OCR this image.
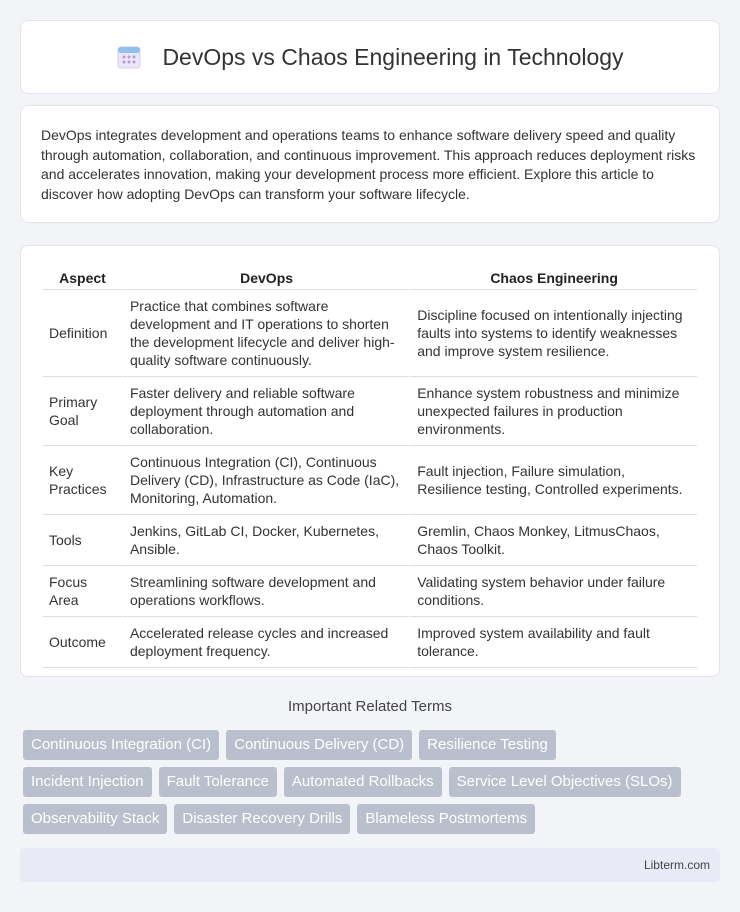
DevOps vs Chaos Engineering in Technology

DevOps integrates development and operations teams to enhance software delivery speed and quality through automation, collaboration, and continuous improvement. This approach reduces deployment risks and accelerates innovation, making your development process more efficient. Explore this article to discover how adopting DevOps can transform your software lifecycle.

Aspect	DevOps	Chaos Engineering
Definition	Practice that combines software development and IT operations to shorten the development lifecycle and deliver high-quality software continuously.	Discipline focused on intentionally injecting faults into systems to identify weaknesses and improve system resilience.
Primary Goal	Faster delivery and reliable software deployment through automation and collaboration.	Enhance system robustness and minimize unexpected failures in production environments.
Key Practices	Continuous Integration (CI), Continuous Delivery (CD), Infrastructure as Code (IaC), Monitoring, Automation.	Fault injection, Failure simulation, Resilience testing, Controlled experiments.
Tools	Jenkins, GitLab CI, Docker, Kubernetes, Ansible.	Gremlin, Chaos Monkey, LitmusChaos, Chaos Toolkit.
Focus Area	Streamlining software development and operations workflows.	Validating system behavior under failure conditions.
Outcome	Accelerated release cycles and increased deployment frequency.	Improved system availability and fault tolerance.
Important Related Terms
Continuous Integration (CI)	Continuous Delivery (CD)	Resilience Testing
Incident Injection	Fault Tolerance	Automated Rollbacks	Service Level Objectives (SLOs)
Observability Stack	Disaster Recovery Drills	Blameless Postmortems
Libterm.com
